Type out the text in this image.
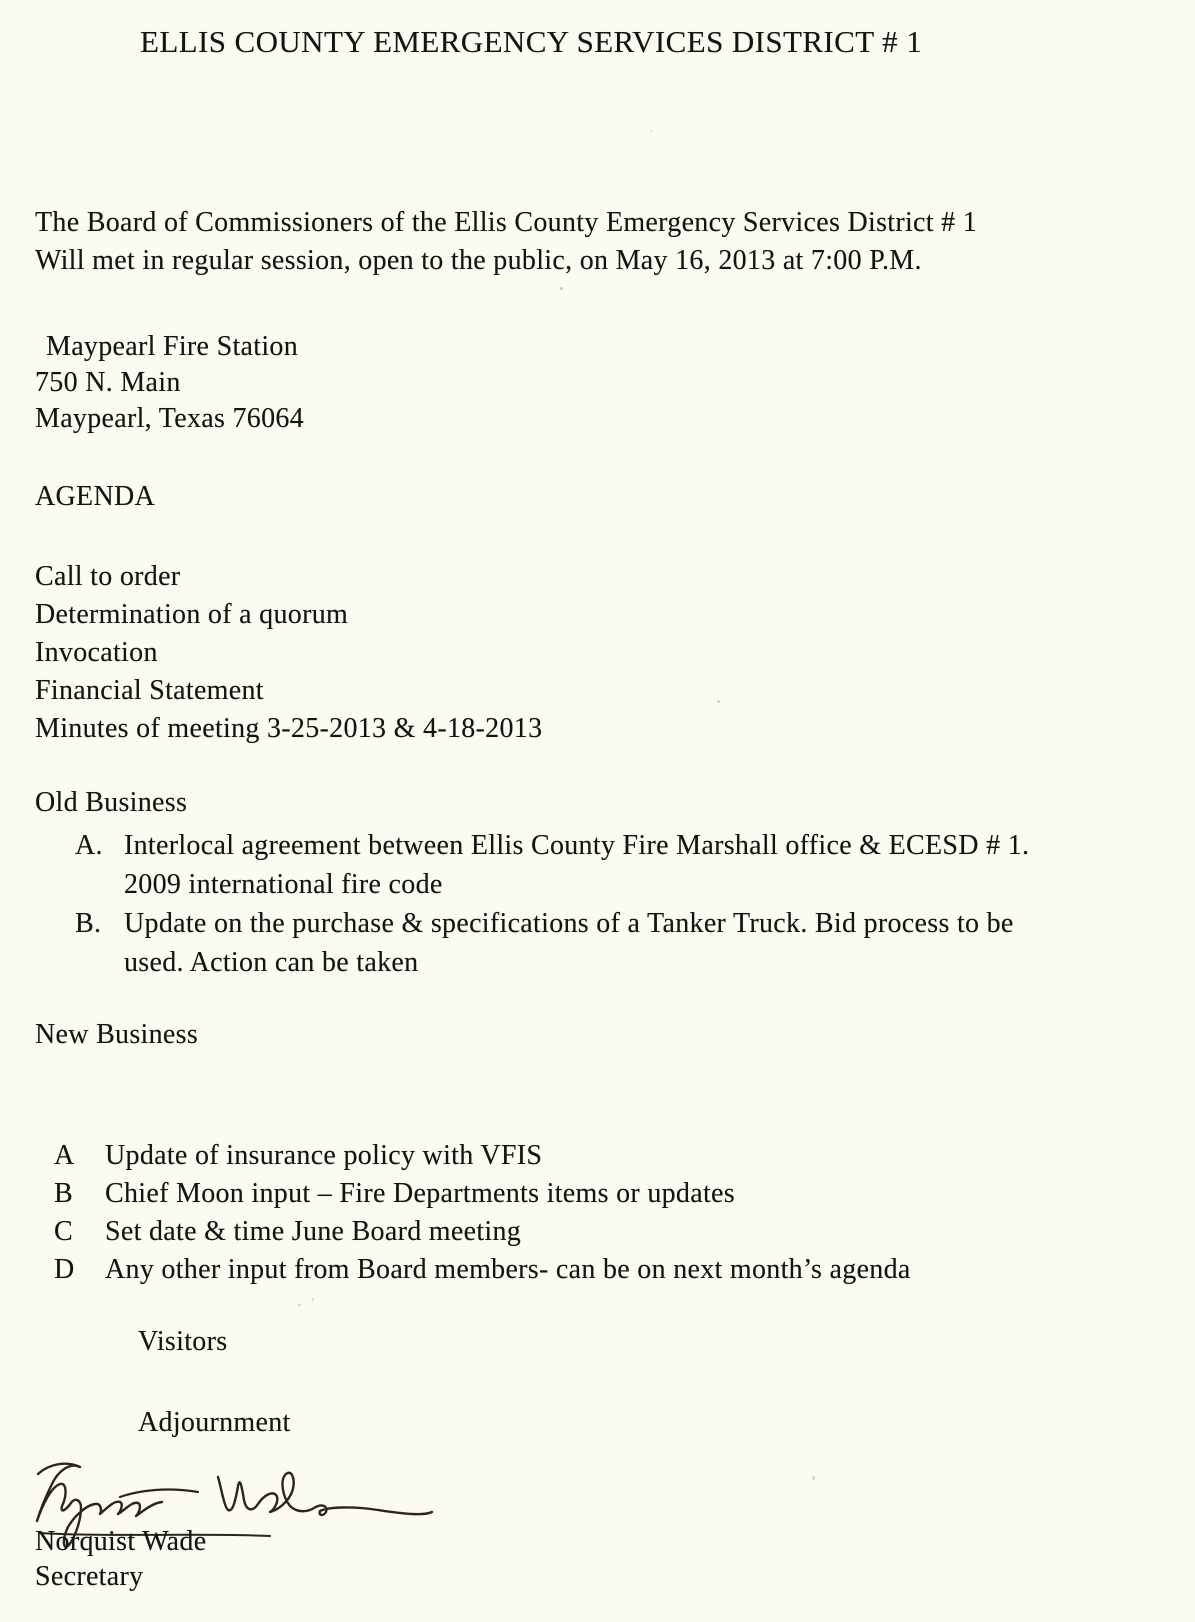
ELLIS COUNTY EMERGENCY SERVICES DISTRICT # 1
The Board of Commissioners of the Ellis County Emergency Services District # 1
Will met in regular session, open to the public, on May 16, 2013 at 7:00 P.M.
Maypearl Fire Station
750 N. Main
Maypearl, Texas 76064
AGENDA
Call to order
Determination of a quorum
Invocation
Financial Statement
Minutes of meeting 3-25-2013 & 4-18-2013
Old Business
A. Interlocal agreement between Ellis County Fire Marshall office & ECESD # 1.
2009 international fire code
B. Update on the purchase & specifications of a Tanker Truck. Bid process to be
used. Action can be taken
New Business
A	Update of insurance policy with VFIS
B	Chief Moon input – Fire Departments items or updates
C	Set date & time June Board meeting
D	Any other input from Board members- can be on next month’s agenda
Visitors
Adjournment
Norquist Wade
Secretary
